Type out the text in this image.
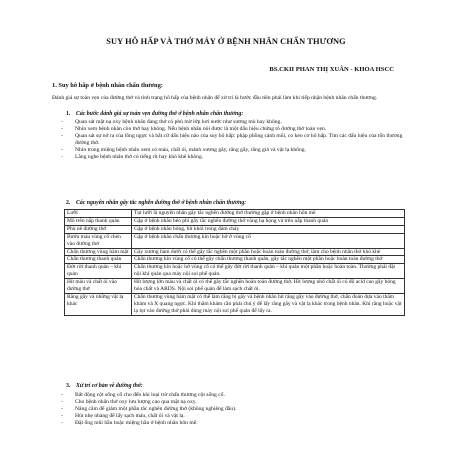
SUY HÔ HẤP VÀ THỞ MÁY Ở BỆNH NHÂN CHẤN THƯƠNG
BS.CKII PHAN THỊ XUÂN - KHOA HSCC
1. Suy hô hấp ở bệnh nhân chấn thương:
Đánh giá sự toàn vẹn của đường thở và tình trạng hô hấp của bệnh nhân để xử trí là bước đầu tiên phải làm khi tiếp nhận bệnh nhân chấn thương.
1. Các bước đánh giá sự toàn vẹn đường thở ở bệnh nhân chấn thương:
- Quan sát mặt nạ oxy bệnh nhân đang thở có phủ mờ lớp hơi nước như sương mù hay không.
- Nhìn xem bệnh nhân còn thở hay không. Nếu bệnh nhân nói được là một dấu hiệu chứng tỏ đường thở toàn vẹn.
- Quan sát sự nở ra của lồng ngực và bắt cứ dấu hiệu nào của suy hô hấp: phập phồng cánh mũi, co kéo cơ hô hấp. Tìm các dấu hiệu của tổn thương đường thở.
- Nhìn trong miệng bệnh nhân xem có máu, chất ói, mảnh xương gãy, răng gãy, răng giả và vật lạ không.
- Lắng nghe bệnh nhân thở có tiếng rít hay khò khè không.
2. Các nguyên nhân gây tắc nghẽn đường thở ở bệnh nhân chấn thương:
Lưỡi	Tụt lưỡi là nguyên nhân gây tắc nghẽn đường thở thường gặp ở bệnh nhân hôn mê
Mô trên nắp thanh quản	Gặp ở bệnh nhân béo phì gây tắc nghẽn đường thở vùng hạ họng và trên nắp thanh quản
Phù nề đường thở	Gặp ở bệnh nhân bỏng, hít khói trong đám cháy
Bướu máu vùng cổ chèn vào đường thở	Gặp ở bệnh nhân chấn thương kín hoặc hở ở vùng cổ
Chấn thương vùng hàm mặt	Gãy xương hàm dưới có thể gây tắc nghẽn một phần hoặc hoàn toàn đường thở, làm cho bệnh nhân thở khó khè
Chấn thương thanh quản	Chấn thương kín vùng cổ có thể gây chấn thương thanh quản, gây tắc nghẽn một phần hoặc hoàn toàn đường thở
Đứt rời thanh quản – khí quản	Chấn thương kín hoặc hở vùng cổ có thể gây đứt rời thanh quản – khí quản một phần hoặc hoàn toàn. Thường phải đặt nội khí quản qua máy nội soi phế quản.
Hít máu và chất ói vào đường thở	Hít lượng lớn máu và chất ói có thể gây tắc nghẽn hoàn toàn đường thở. Hít lượng nhỏ chất ói có độ acid cao gây bỏng hóa chất và ARDS. Nội soi phế quản để làm sạch chất ói.
Răng gãy và những vật lạ khác	Chấn thương vùng hàm mặt có thể làm răng bị gãy và bệnh nhân hít răng gãy vào đường thở, chẩn đoán dựa vào thăm khám và X quang ngực. Khi thăm khám cần phải chú ý để lấy răng gãy và vật lạ khác trong bệnh nhân. Khi răng hoặc vật lạ lọt vào đường thở phải dùng máy nội soi phế quản để lấy ra.
3. Xử trí cơ bản về đường thở:
- Bất động cột sống cổ cho đến khi loại trừ chấn thương cột sống cổ.
- Cho bệnh nhân thở oxy lưu lượng cao qua mặt nạ oxy.
- Nâng cằm để giảm một phần tắc nghẽn đường thở (không nghiêng đầu).
- Hút nhẹ nhàng để lấy sạch máu, chất ói và vật lạ.
- Đặt ống mũi hầu hoặc miệng hầu ở bệnh nhân hôn mê.
